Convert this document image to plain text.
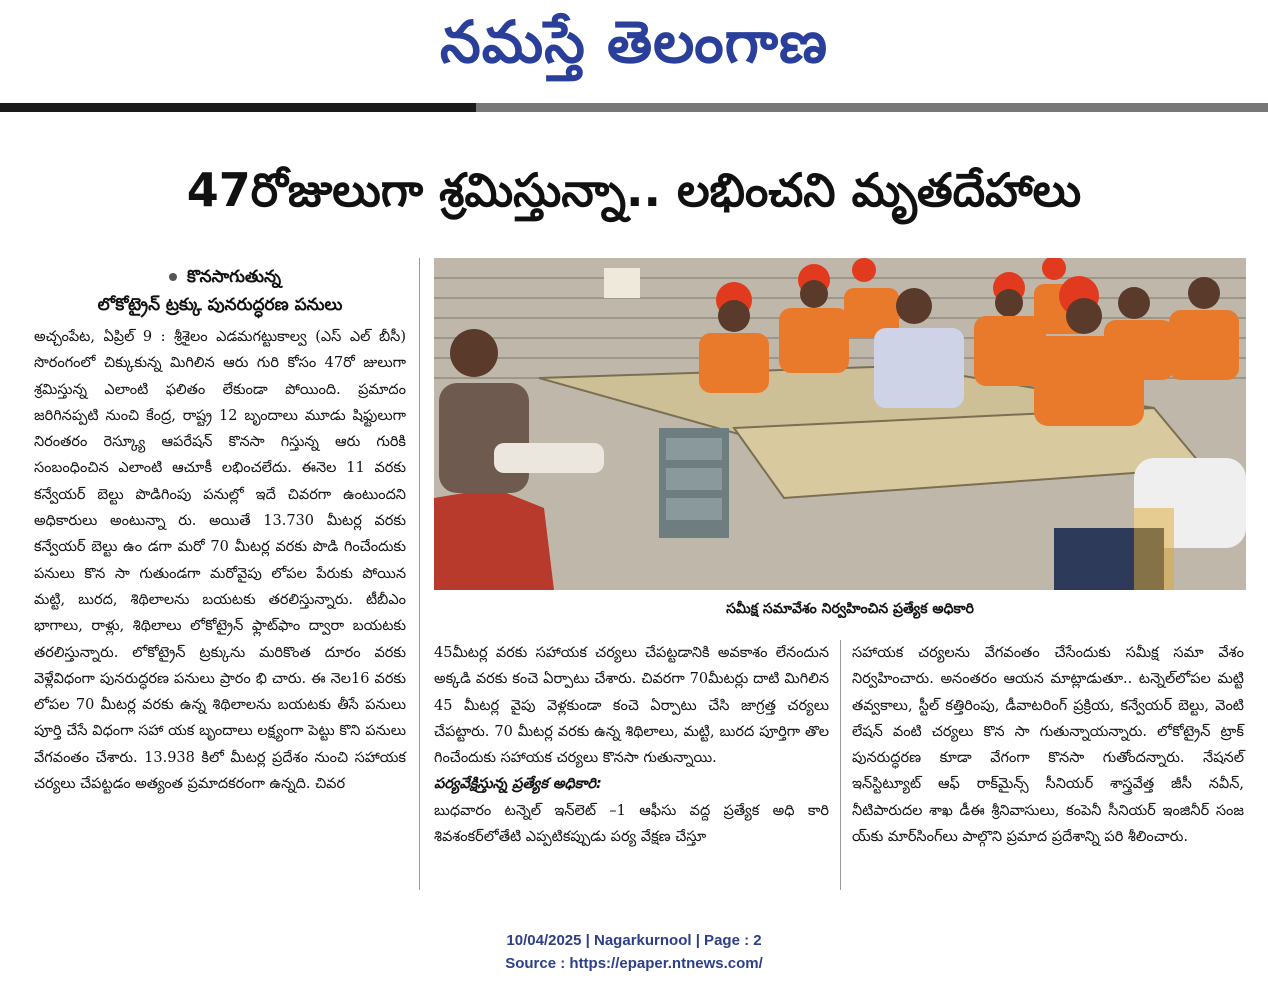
నమస్తే తెలంగాణ
47రోజులుగా శ్రమిస్తున్నా.. లభించని మృతదేహాలు
కొనసాగుతున్న
లోకోట్రైన్‌ ట్రక్కు పునరుద్ధరణ పనులు

అచ్చంపేట, ఏప్రిల్‌ 9 : శ్రీశైలం ఎడమగట్టుకాల్వ (ఎస్‌ ఎల్‌ బీసీ) సొరంగంలో చిక్కుకున్న మిగిలిన ఆరు గురి కోసం 47రో జులుగా శ్రమిస్తున్న ఎలాంటి ఫలితం లేకుండా పోయింది. ప్రమాదం జరిగినప్పటి నుంచి కేంద్ర, రాష్ట్ర 12 బృందాలు మూడు షిఫ్టులుగా నిరంతరం రెస్క్యూ ఆపరేషన్‌ కొనసా గిస్తున్న ఆరు గురికి సంబంధించిన ఎలాంటి ఆచూకీ లభించలేదు. ఈనెల 11 వరకు కన్వేయర్‌ బెల్టు పొడిగింపు పనుల్లో ఇదే చివరగా ఉంటుందని అధికారులు అంటున్నా రు. అయితే 13.730 మీటర్ల వరకు కన్వేయర్‌ బెల్టు ఉం డగా మరో 70 మీటర్ల వరకు పొడి గించేందుకు పనులు కొన సా గుతుండగా మరోవైపు లోపల పేరుకు పోయిన మట్టి, బురద, శిథిలాలను బయటకు తరలిస్తున్నారు. టీబీఎం భాగాలు, రాళ్లు, శిథిలాలు లోకోట్రైన్‌ ఫ్లాట్‌ఫాం ద్వారా బయటకు తరలిస్తున్నారు. లోకోట్రైన్‌ ట్రక్కును మరికొంత దూరం వరకు వెళ్లేవిధంగా పునరుద్ధరణ పనులు ప్రారం భి చారు. ఈ నెల16 వరకు లోపల 70 మీటర్ల వరకు ఉన్న శిథిలాలను బయటకు తీసే పనులు పూర్తి చేసే విధంగా సహా యక బృందాలు లక్ష్యంగా పెట్టు కొని పనులు వేగవంతం చేశారు. 13.938 కిలో మీటర్ల ప్రదేశం నుంచి సహాయక చర్యలు చేపట్టడం అత్యంత ప్రమాదకరంగా ఉన్నది. చివర

సమీక్ష సమావేశం నిర్వహించిన ప్రత్యేక అధికారి

45మీటర్ల వరకు సహాయక చర్యలు చేపట్టడానికి అవకాశం లేనందున అక్కడి వరకు కంచె ఏర్పాటు చేశారు. చివరగా 70మీటర్లు దాటి మిగిలిన 45 మీటర్ల వైపు వెళ్లకుండా కంచె ఏర్పాటు చేసి జాగ్రత్త చర్యలు చేపట్టారు. 70 మీటర్ల వరకు ఉన్న శిథిలాలు, మట్టి, బురద పూర్తిగా తొల గించేందుకు సహాయక చర్యలు కొనసా గుతున్నాయి.

పర్యవేక్షిస్తున్న ప్రత్యేక అధికారి:

బుధవారం టన్నెల్‌ ఇన్‌లెట్‌ –1 ఆఫీసు వద్ద ప్రత్యేక అధి కారి శివశంకర్‌లోతేటి ఎప్పటికప్పుడు పర్య వేక్షణ చేస్తూ

సహాయక చర్యలను వేగవంతం చేసేందుకు సమీక్ష సమా వేశం నిర్వహించారు. అనంతరం ఆయన మాట్లాడుతూ.. టన్నెల్‌లోపల మట్టి తవ్వకాలు, స్టీల్‌ కత్తిరింపు, డీవాటరింగ్‌ ప్రక్రియ, కన్వేయర్‌ బెల్టు, వెంటి లేషన్‌ వంటి చర్యలు కొన సా గుతున్నాయన్నారు. లోకోట్రైన్‌ ట్రాక్‌ పునరుద్ధరణ కూడా వేగంగా కొనసా గుతోందన్నారు. నేషనల్‌ ఇన్‌స్టిట్యూట్‌ ఆఫ్‌ రాక్‌మైన్స్‌ సీనియర్‌ శాస్త్రవేత్త జీసీ నవీన్‌, నీటిపారుదల శాఖ డీఈ శ్రీనివాసులు, కంపెనీ సీనియర్‌ ఇంజినీర్‌ సంజ య్‌కు మార్‌సింగ్‌లు పాల్గొని ప్రమాద ప్రదేశాన్ని పరి శీలించారు.

10/04/2025 | Nagarkurnool | Page : 2
Source : https://epaper.ntnews.com/
